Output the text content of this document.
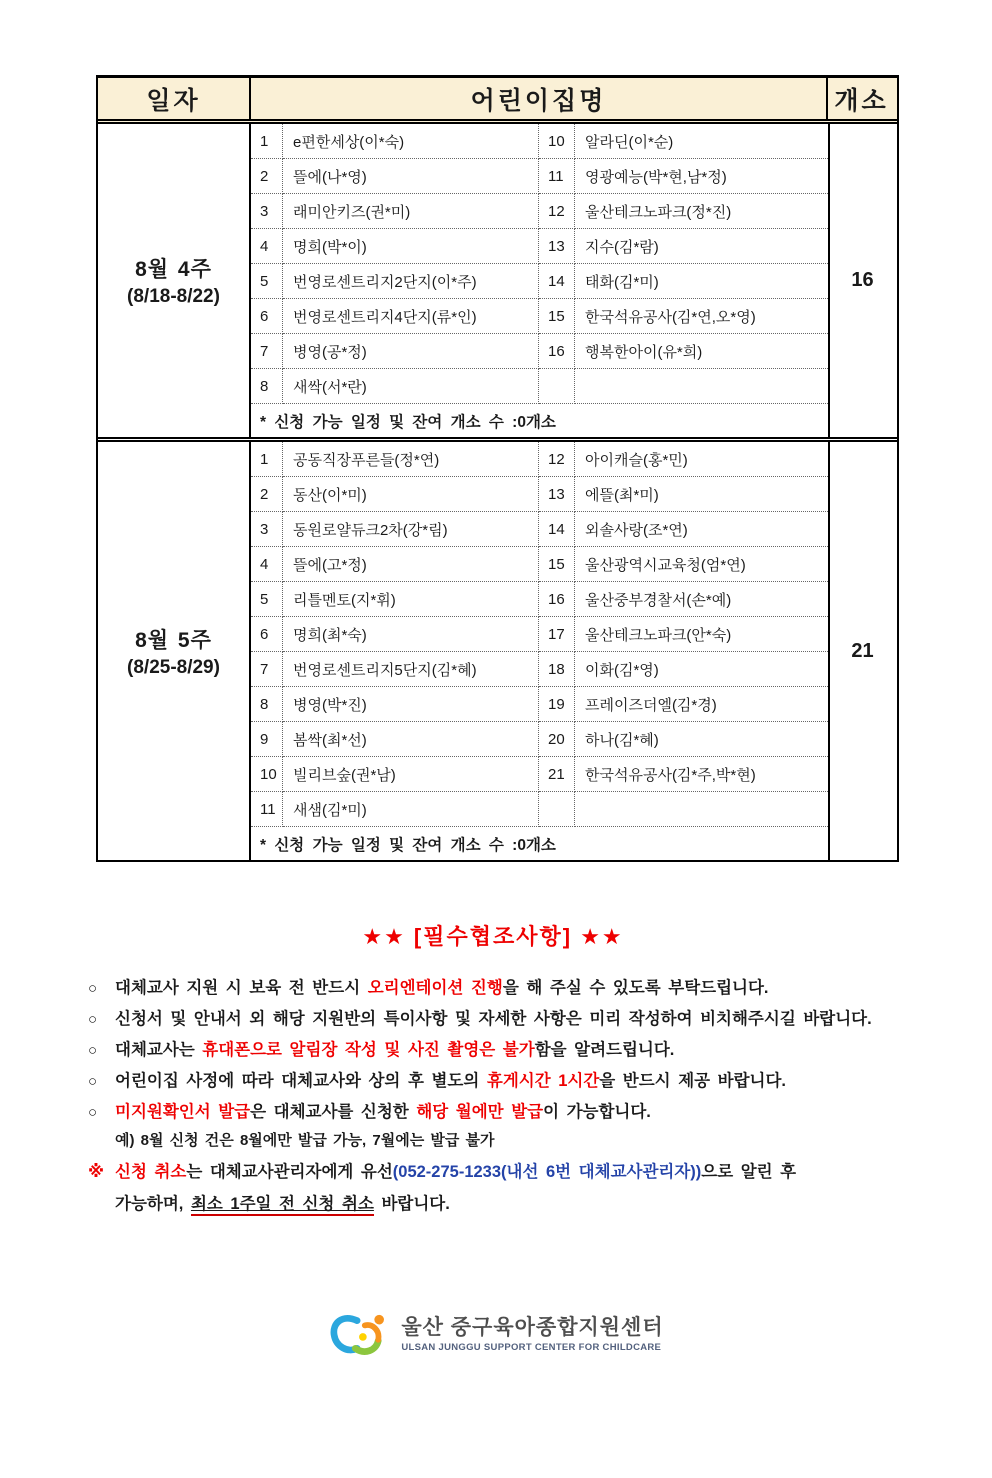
일자	어린이집명	개소
8월 4주
(8/18-8/22)
16
1	e편한세상(이*숙)	10	알라딘(이*순)
2	뜰에(나*영)	11	영광예능(박*현,남*정)
3	래미안키즈(권*미)	12	울산테크노파크(정*진)
4	명희(박*이)	13	지수(김*람)
5	번영로센트리지2단지(이*주)	14	태화(김*미)
6	번영로센트리지4단지(류*인)	15	한국석유공사(김*연,오*영)
7	병영(공*정)	16	행복한아이(유*희)
8	새싹(서*란)
* 신청 가능 일정 및 잔여 개소 수 : 0개소
8월 5주
(8/25-8/29)
21
1	공동직장푸른들(정*연)	12	아이캐슬(홍*민)
2	동산(이*미)	13	에뜰(최*미)
3	동원로얄듀크2차(강*림)	14	외솔사랑(조*연)
4	뜰에(고*정)	15	울산광역시교육청(엄*연)
5	리틀멘토(지*휘)	16	울산중부경찰서(손*예)
6	명희(최*숙)	17	울산테크노파크(안*숙)
7	번영로센트리지5단지(김*혜)	18	이화(김*영)
8	병영(박*진)	19	프레이즈더엘(김*경)
9	봄싹(최*선)	20	하나(김*혜)
10	빌리브숲(권*남)	21	한국석유공사(김*주,박*현)
11	새샘(김*미)
* 신청 가능 일정 및 잔여 개소 수 : 0개소
★★ [필수협조사항] ★★
○	대체교사 지원 시 보육 전 반드시 오리엔테이션 진행을 해 주실 수 있도록 부탁드립니다.
○	신청서 및 안내서 외 해당 지원반의 특이사항 및 자세한 사항은 미리 작성하여 비치해주시길 바랍니다.
○	대체교사는 휴대폰으로 알림장 작성 및 사진 촬영은 불가함을 알려드립니다.
○	어린이집 사정에 따라 대체교사와 상의 후 별도의 휴게시간 1시간을 반드시 제공 바랍니다.
○	미지원확인서 발급은 대체교사를 신청한 해당 월에만 발급이 가능합니다.
예) 8월 신청 건은 8월에만 발급 가능, 7월에는 발급 불가
※ 신청 취소는 대체교사관리자에게 유선(052-275-1233(내선 6번 대체교사관리자))으로 알린 후
가능하며, 최소 1주일 전 신청 취소 바랍니다.
울산 중구육아종합지원센터
ULSAN JUNGGU SUPPORT CENTER FOR CHILDCARE
